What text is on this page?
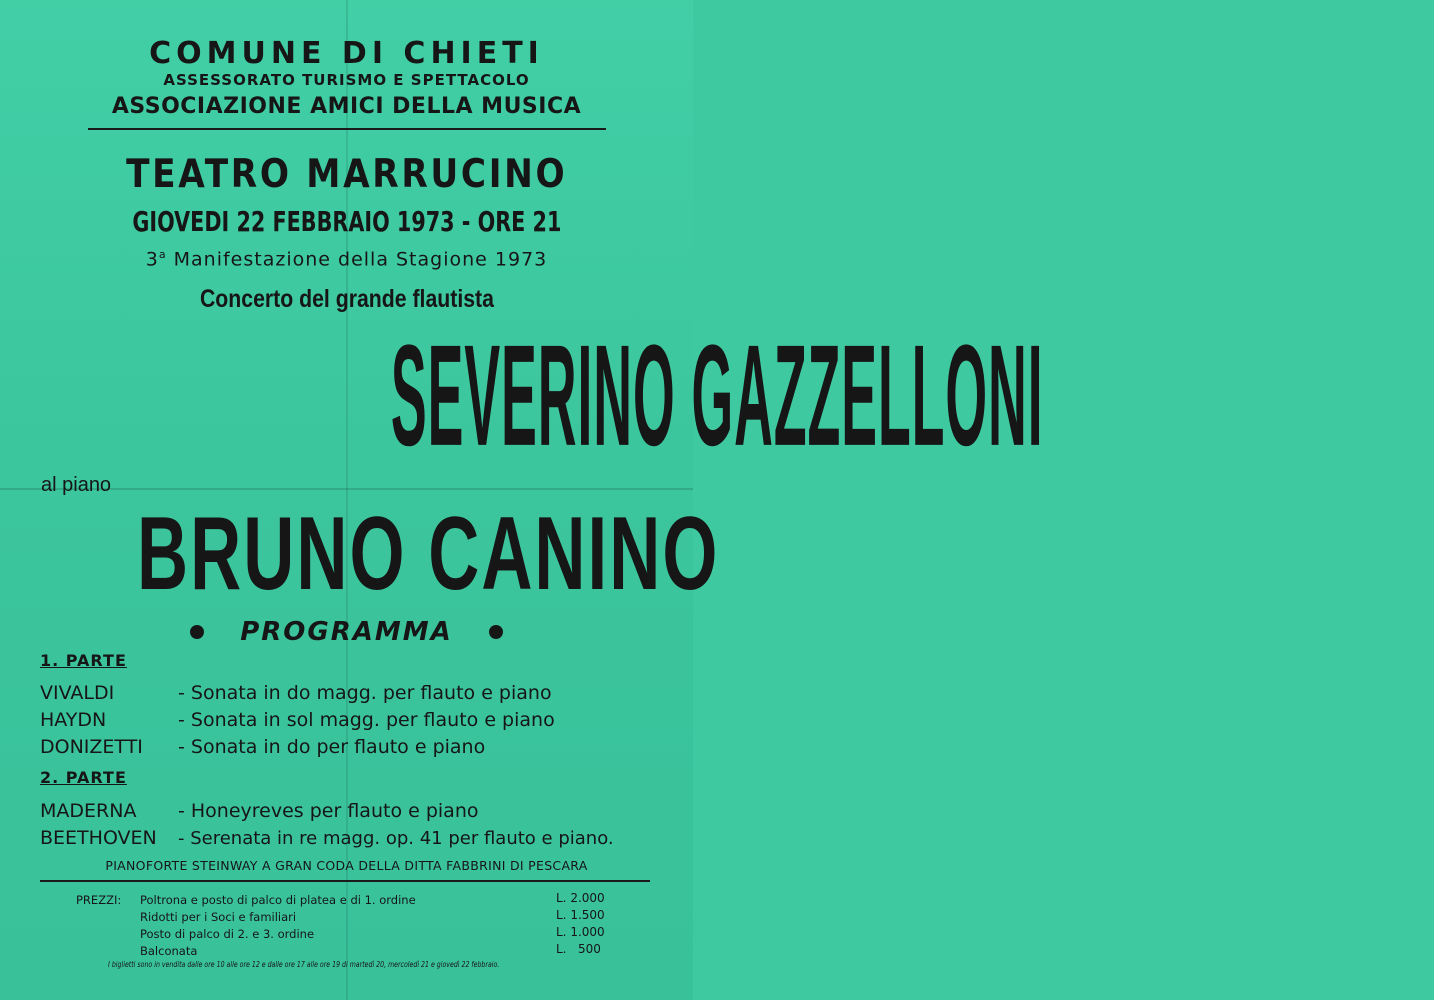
COMUNE DI CHIETI
ASSESSORATO TURISMO E SPETTACOLO
ASSOCIAZIONE AMICI DELLA MUSICA
TEATRO MARRUCINO
GIOVEDI 22 FEBBRAIO 1973 - ORE 21
3$^a$ Manifestazione della Stagione 1973
Concerto del grande flautista
SEVERINO GAZZELLONI
al piano
BRUNO CANINO
PROGRAMMA
1. PARTE
VIVALDI	- Sonata in do magg. per flauto e piano
HAYDN	- Sonata in sol magg. per flauto e piano
DONIZETTI - Sonata in do per flauto e piano
2. PARTE
MADERNA - Honeyreves per flauto e piano
BEETHOVEN - Serenata in re magg. op. 41 per flauto e piano.
PIANOFORTE STEINWAY A GRAN CODA DELLA DITTA FABBRINI DI PESCARA
PREZZI: Poltrona e posto di palco di platea e di 1. ordine
Ridotti per i Soci e familiari
Posto di palco di 2. e 3. ordine
Balconata
L. 2.000
L. 1.500
L. 1.000
L.   500
I biglietti sono in vendita dalle ore 10 alle ore 12 e dalle ore 17 alle ore 19 di martedì 20, mercoledì 21 e giovedì 22 febbraio.
